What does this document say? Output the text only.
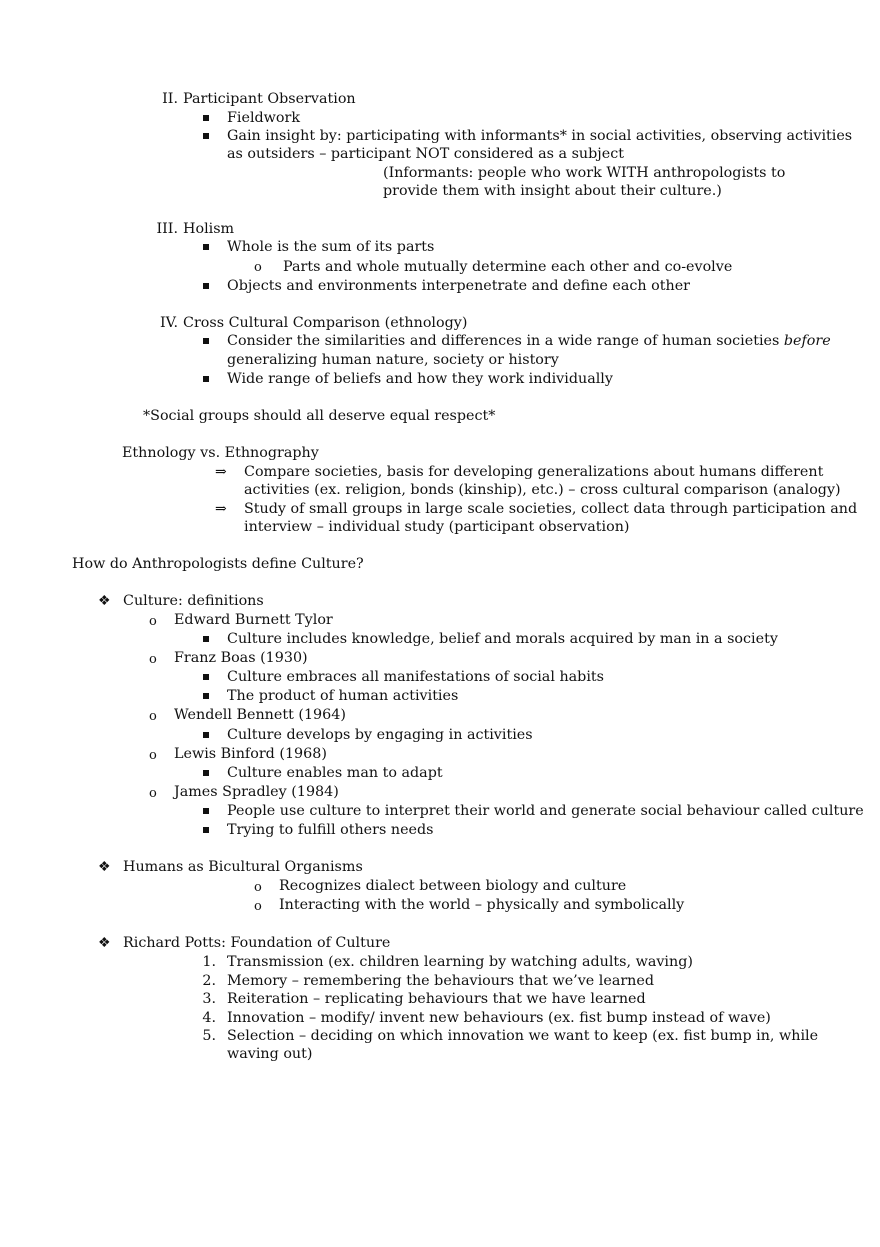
II. Participant Observation
Fieldwork
Gain insight by: participating with informants* in social activities, observing activities
as outsiders – participant NOT considered as a subject
(Informants: people who work WITH anthropologists to
provide them with insight about their culture.)
III. Holism
Whole is the sum of its parts
o Parts and whole mutually determine each other and co-evolve
Objects and environments interpenetrate and define each other
IV. Cross Cultural Comparison (ethnology)
Consider the similarities and differences in a wide range of human societies before
generalizing human nature, society or history
Wide range of beliefs and how they work individually
*Social groups should all deserve equal respect*
Ethnology vs. Ethnography
⇒ Compare societies, basis for developing generalizations about humans different
activities (ex. religion, bonds (kinship), etc.) – cross cultural comparison (analogy)
⇒ Study of small groups in large scale societies, collect data through participation and
interview – individual study (participant observation)
How do Anthropologists define Culture?
❖ Culture: definitions
o Edward Burnett Tylor
Culture includes knowledge, belief and morals acquired by man in a society
o Franz Boas (1930)
Culture embraces all manifestations of social habits
The product of human activities
o Wendell Bennett (1964)
Culture develops by engaging in activities
o Lewis Binford (1968)
Culture enables man to adapt
o James Spradley (1984)
People use culture to interpret their world and generate social behaviour called culture
Trying to fulfill others needs
❖ Humans as Bicultural Organisms
o Recognizes dialect between biology and culture
o Interacting with the world – physically and symbolically
❖ Richard Potts: Foundation of Culture
1. Transmission (ex. children learning by watching adults, waving)
2. Memory – remembering the behaviours that we’ve learned
3. Reiteration – replicating behaviours that we have learned
4. Innovation – modify/ invent new behaviours (ex. fist bump instead of wave)
5. Selection – deciding on which innovation we want to keep (ex. fist bump in, while
waving out)
